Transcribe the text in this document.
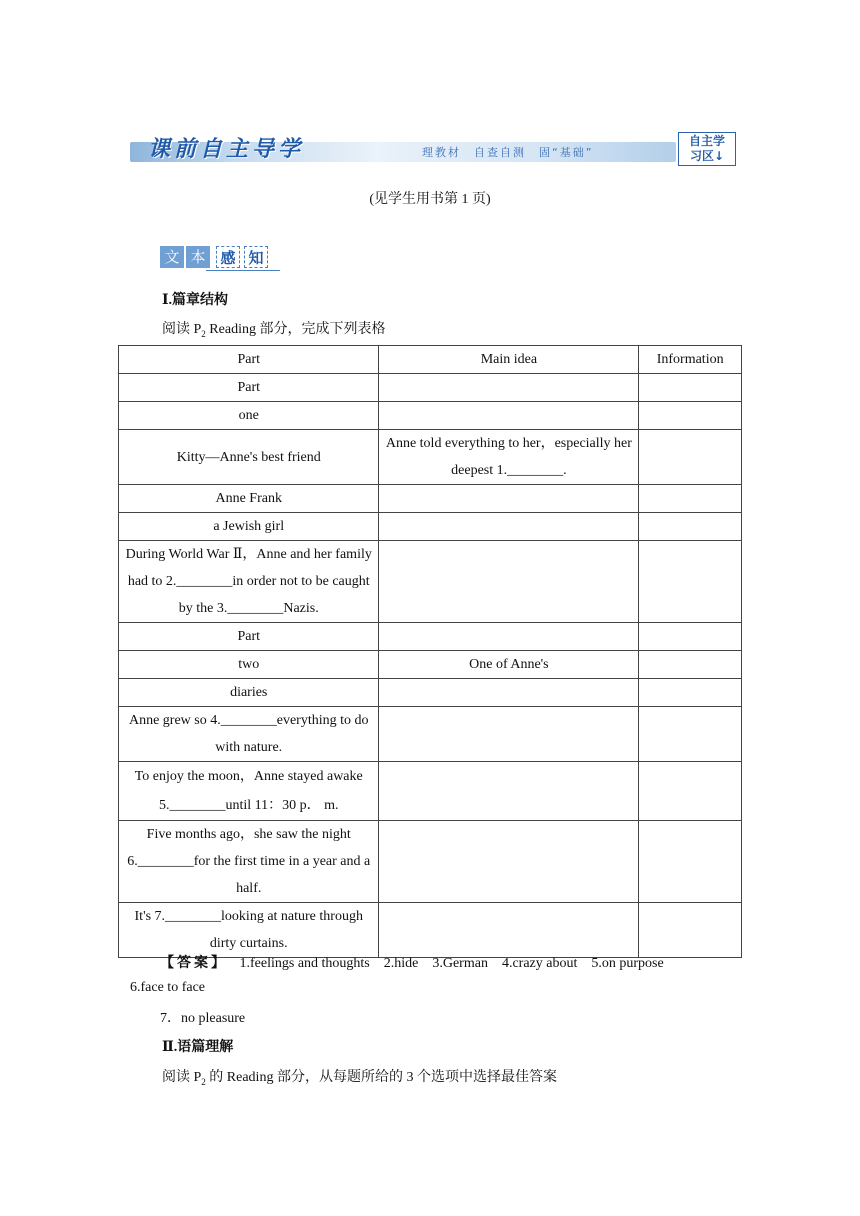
课前自主导学	理教材　自查自测　固“基础”
自主学
习区↓
(见学生用书第 1 页)
文 本 感 知
Ⅰ.篇章结构
阅读 $P_2$ Reading 部分，完成下列表格
Part	Main idea	Information
Part		
one		
Kitty—Anne's best friend	Anne told everything to her，especially her deepest 1.________.	
Anne Frank		
a Jewish girl		
During World War Ⅱ，Anne and her family had to 2.________in order not to be caught by the 3.________Nazis.		
Part		
two	One of Anne's	
diaries		
Anne grew so 4.________everything to do with nature.		
To enjoy the moon，Anne stayed awake 5.________until 11：30 p． m.		
Five months ago，she saw the night 6.________for the first time in a year and a half.		
It's 7.________looking at nature through dirty curtains.		
【答案】 1.feelings and thoughts　2.hide　3.German　4.crazy about　5.on purpose
6.face to face
7．no pleasure
Ⅱ.语篇理解
阅读 $P_2$ 的 Reading 部分，从每题所给的 3 个选项中选择最佳答案
